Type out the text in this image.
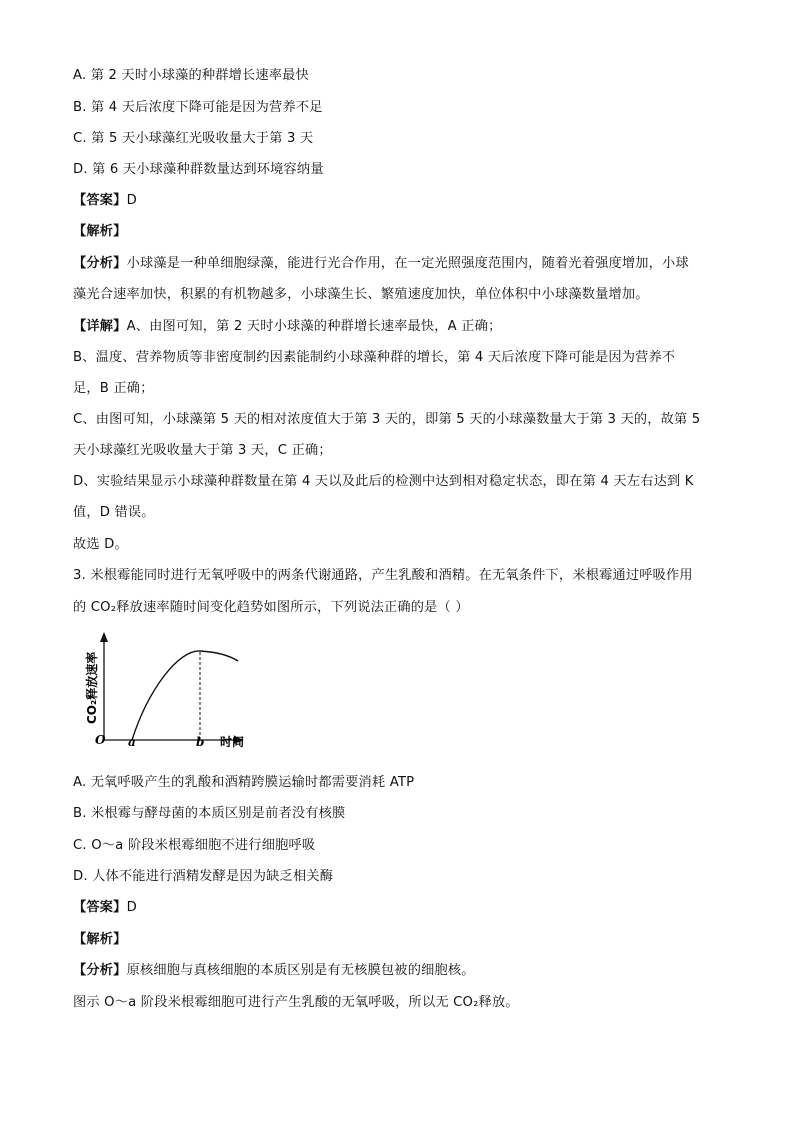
A. 第 2 天时小球藻的种群增长速率最快
B. 第 4 天后浓度下降可能是因为营养不足
C. 第 5 天小球藻红光吸收量大于第 3 天
D. 第 6 天小球藻种群数量达到环境容纳量
【答案】D
【解析】
【分析】小球藻是一种单细胞绿藻，能进行光合作用，在一定光照强度范围内，随着光着强度增加，小球
藻光合速率加快，积累的有机物越多，小球藻生长、繁殖速度加快，单位体积中小球藻数量增加。
【详解】A、由图可知，第 2 天时小球藻的种群增长速率最快，A 正确；
B、温度、营养物质等非密度制约因素能制约小球藻种群的增长，第 4 天后浓度下降可能是因为营养不
足，B 正确；
C、由图可知，小球藻第 5 天的相对浓度值大于第 3 天的，即第 5 天的小球藻数量大于第 3 天的，故第 5
天小球藻红光吸收量大于第 3 天，C 正确；
D、实验结果显示小球藻种群数量在第 4 天以及此后的检测中达到相对稳定状态，即在第 4 天左右达到 K
值，D 错误。
故选 D。
3. 米根霉能同时进行无氧呼吸中的两条代谢通路，产生乳酸和酒精。在无氧条件下，米根霉通过呼吸作用
的 CO₂释放速率随时间变化趋势如图所示，下列说法正确的是（ ）
A. 无氧呼吸产生的乳酸和酒精跨膜运输时都需要消耗 ATP
B. 米根霉与酵母菌的本质区别是前者没有核膜
C. O～a 阶段米根霉细胞不进行细胞呼吸
D. 人体不能进行酒精发酵是因为缺乏相关酶
【答案】D
【解析】
【分析】原核细胞与真核细胞的本质区别是有无核膜包被的细胞核。
图示 O～a 阶段米根霉细胞可进行产生乳酸的无氧呼吸，所以无 CO₂释放。
O a	b 时间
CO₂释放速率
